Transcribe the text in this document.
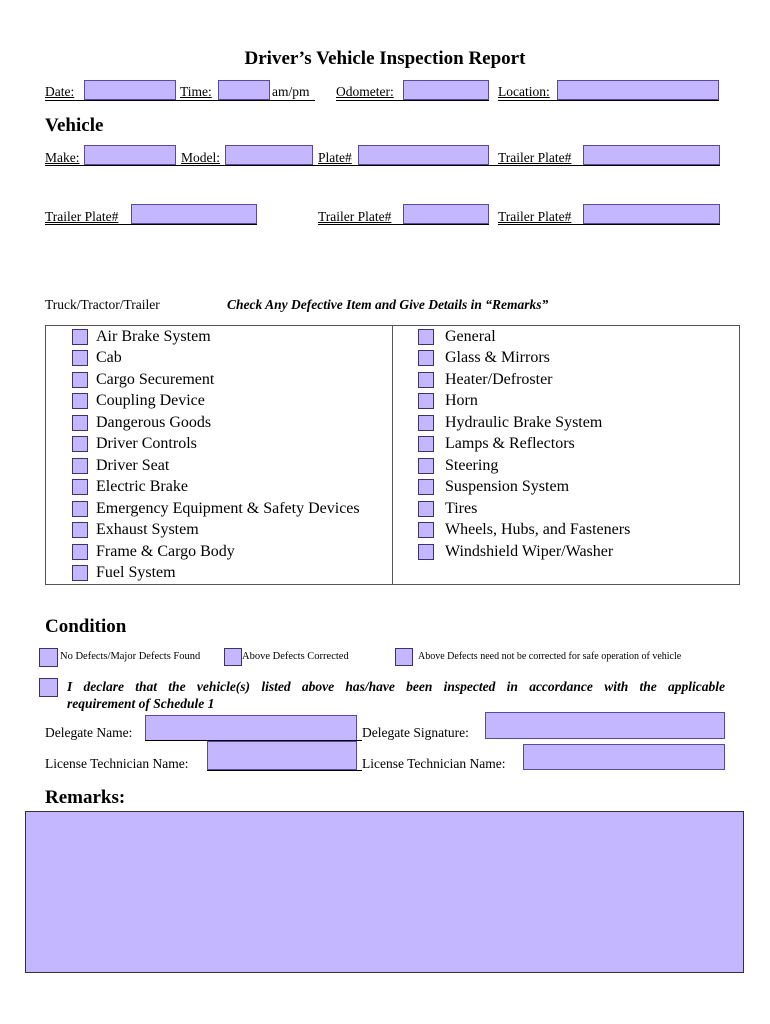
Driver’s Vehicle Inspection Report
Date:	Time:	am/pm Odometer:	Location:
Vehicle
Make:	Model:	Plate#	Trailer Plate#
Trailer Plate#	Trailer Plate#	Trailer Plate#
Truck/Tractor/Trailer	Check Any Defective Item and Give Details in “Remarks”
Air Brake System	General

Cab	Glass & Mirrors

Cargo Securement	Heater/Defroster

Coupling Device	Horn

Dangerous Goods	Hydraulic Brake System

Driver Controls	Lamps & Reflectors

Driver Seat	Steering

Electric Brake	Suspension System

Emergency Equipment & Safety Devices	Tires

Exhaust System	Wheels, Hubs, and Fasteners

Frame & Cargo Body	Windshield Wiper/Washer

Fuel System	

Condition
No Defects/Major Defects Found	Above Defects Corrected	Above Defects need not be corrected for safe operation of vehicle
I declare that the vehicle(s) listed above has/have been inspected in accordance with the applicable
requirement of Schedule 1
Delegate Name:	Delegate Signature:
License Technician Name:	License Technician Name:
Remarks:
